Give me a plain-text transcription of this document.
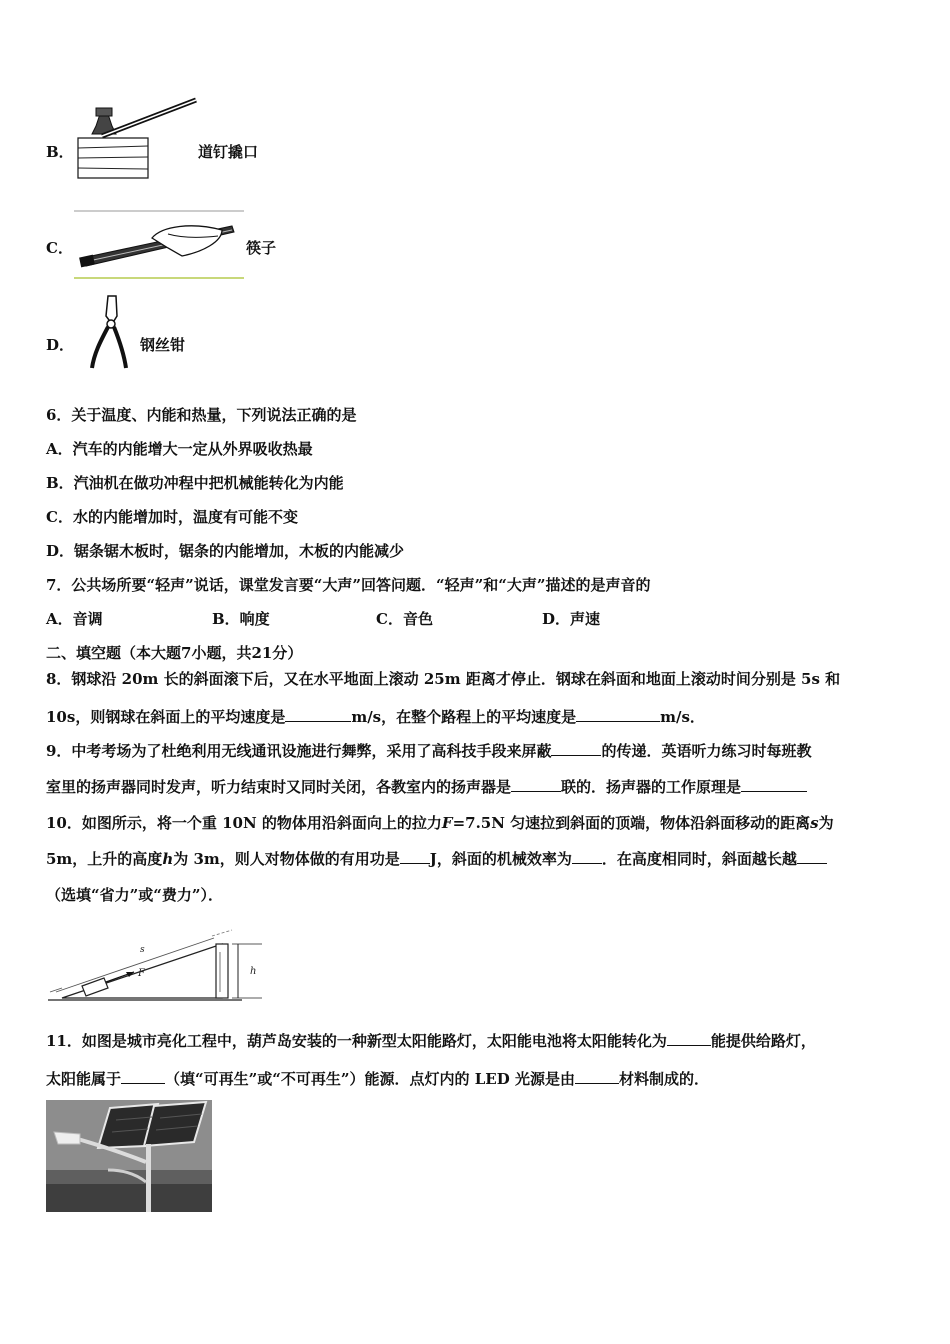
B．	道钉撬口
C．	筷子
D．	钢丝钳
6．关于温度、内能和热量，下列说法正确的是
A．汽车的内能增大一定从外界吸收热最
B．汽油机在做功冲程中把机械能转化为内能
C．水的内能增加时，温度有可能不变
D．锯条锯木板时，锯条的内能增加，木板的内能减少
7．公共场所要“轻声”说话，课堂发言要“大声”回答问题．“轻声”和“大声”描述的是声音的
A．音调	B．响度	C．音色	D．声速
二、填空题（本大题7小题，共21分）
8．钢球沿 20m 长的斜面滚下后，又在水平地面上滚动 25m 距离才停止．钢球在斜面和地面上滚动时间分别是 5s 和
10s，则钢球在斜面上的平均速度是	m/s，在整个路程上的平均速度是	m/s．
9．中考考场为了杜绝利用无线通讯设施进行舞弊，采用了高科技手段来屏蔽	的传递．英语听力练习时每班教
室里的扬声器同时发声，听力结束时又同时关闭，各教室内的扬声器是	联的．扬声器的工作原理是
10．如图所示，将一个重 10N 的物体用沿斜面向上的拉力F=7.5N 匀速拉到斜面的顶端，物体沿斜面移动的距离s为
5m，上升的高度h为 3m，则人对物体做的有用功是 J，斜面的机械效率为 ．在高度相同时，斜面越长越
（选填“省力”或“费力”）．
F
s
h
11．如图是城市亮化工程中，葫芦岛安装的一种新型太阳能路灯，太阳能电池将太阳能转化为	能提供给路灯，
太阳能属于	（填“可再生”或“不可再生”）能源．点灯内的 LED 光源是由	材料制成的．
